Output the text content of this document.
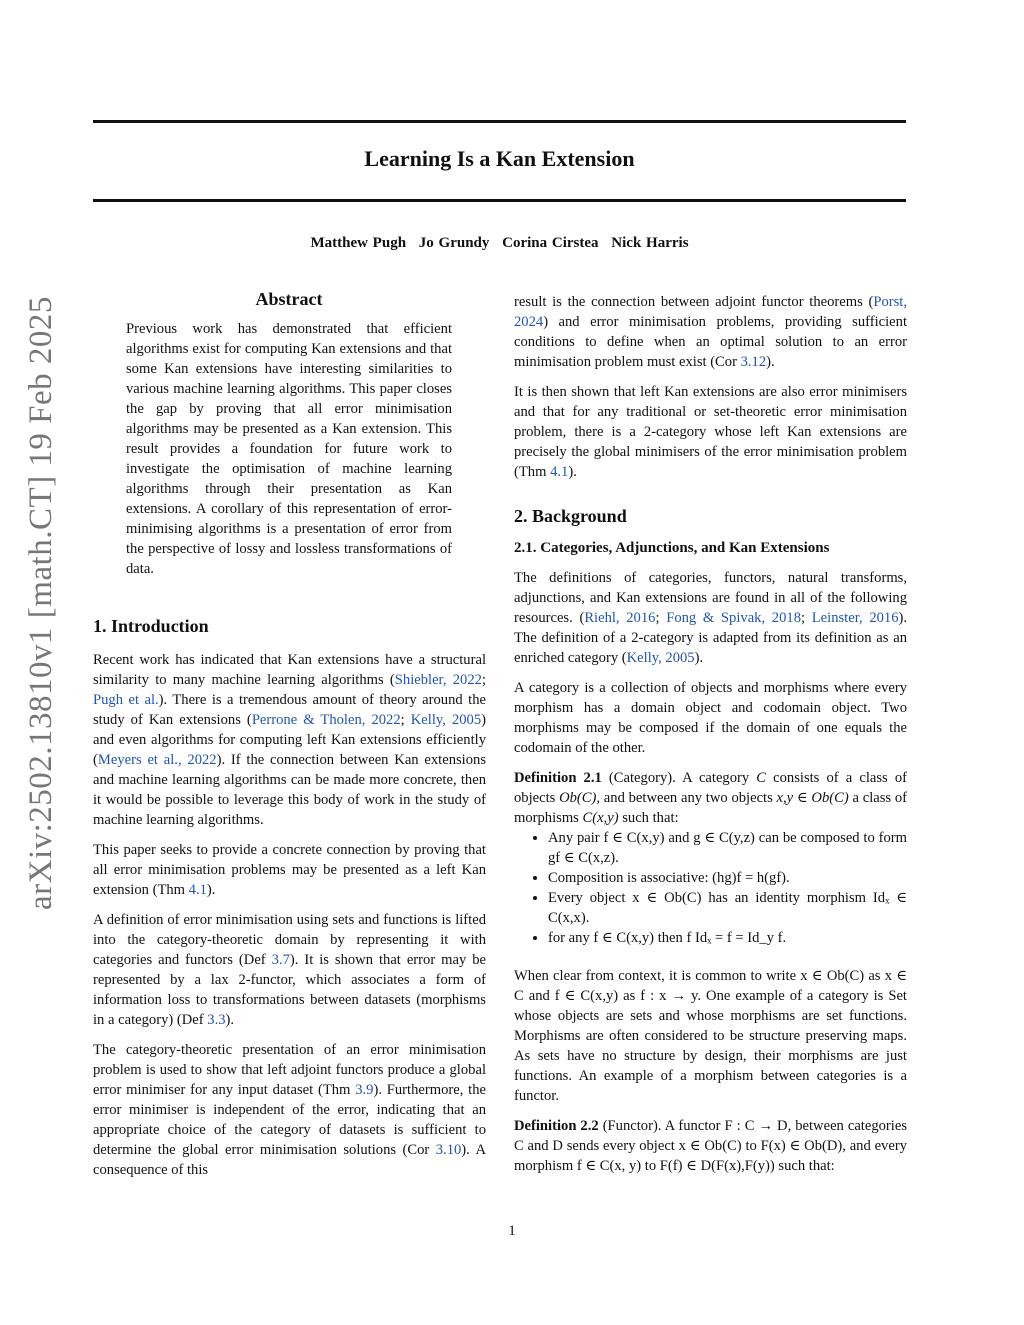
Learning Is a Kan Extension
Matthew Pugh Jo Grundy Corina Cirstea Nick Harris
arXiv:2502.13810v1 [math.CT] 19 Feb 2025	Abstract
Previous work has demonstrated that efficient algorithms exist for computing Kan extensions and that some Kan extensions have interesting similarities to various machine learning algorithms. This paper closes the gap by proving that all error minimisation algorithms may be presented as a Kan extension. This result provides a foundation for future work to investigate the optimisation of machine learning algorithms through their presentation as Kan extensions. A corollary of this representation of error-minimising algorithms is a presentation of error from the perspective of lossy and lossless transformations of data.
1. Introduction

Recent work has indicated that Kan extensions have a structural similarity to many machine learning algorithms (Shiebler, 2022; Pugh et al.). There is a tremendous amount of theory around the study of Kan extensions (Perrone & Tholen, 2022; Kelly, 2005) and even algorithms for computing left Kan extensions efficiently (Meyers et al., 2022). If the connection between Kan extensions and machine learning algorithms can be made more concrete, then it would be possible to leverage this body of work in the study of machine learning algorithms.

This paper seeks to provide a concrete connection by proving that all error minimisation problems may be presented as a left Kan extension (Thm 4.1).

A definition of error minimisation using sets and functions is lifted into the category-theoretic domain by representing it with categories and functors (Def 3.7). It is shown that error may be represented by a lax 2-functor, which associates a form of information loss to transformations between datasets (morphisms in a category) (Def 3.3).

The category-theoretic presentation of an error minimisation problem is used to show that left adjoint functors produce a global error minimiser for any input dataset (Thm 3.9). Furthermore, the error minimiser is independent of the error, indicating that an appropriate choice of the category of datasets is sufficient to determine the global error minimisation solutions (Cor 3.10). A consequence of this

result is the connection between adjoint functor theorems (Porst, 2024) and error minimisation problems, providing sufficient conditions to define when an optimal solution to an error minimisation problem must exist (Cor 3.12).

It is then shown that left Kan extensions are also error minimisers and that for any traditional or set-theoretic error minimisation problem, there is a 2-category whose left Kan extensions are precisely the global minimisers of the error minimisation problem (Thm 4.1).

2. Background
2.1. Categories, Adjunctions, and Kan Extensions

The definitions of categories, functors, natural transforms, adjunctions, and Kan extensions are found in all of the following resources. (Riehl, 2016; Fong & Spivak, 2018; Leinster, 2016). The definition of a 2-category is adapted from its definition as an enriched category (Kelly, 2005).

A category is a collection of objects and morphisms where every morphism has a domain object and codomain object. Two morphisms may be composed if the domain of one equals the codomain of the other.

Definition 2.1 (Category). A category C consists of a class of objects Ob(C), and between any two objects x,y ∈ Ob(C) a class of morphisms C(x,y) such that:

• Any pair f ∈ C(x,y) and g ∈ C(y,z) can be composed to form gf ∈ C(x,z).
• Composition is associative: (hg)f = h(gf).
• Every object x ∈ Ob(C) has an identity morphism Idₓ ∈ C(x,x).
• for any f ∈ C(x,y) then f Idₓ = f = Id_y f.

When clear from context, it is common to write x ∈ Ob(C) as x ∈ C and f ∈ C(x,y) as f : x → y. One example of a category is Set whose objects are sets and whose morphisms are set functions. Morphisms are often considered to be structure preserving maps. As sets have no structure by design, their morphisms are just functions. An example of a morphism between categories is a functor.

Definition 2.2 (Functor). A functor F : C → D, between categories C and D sends every object x ∈ Ob(C) to F(x) ∈ Ob(D), and every morphism f ∈ C(x, y) to F(f) ∈ D(F(x),F(y)) such that:

1
